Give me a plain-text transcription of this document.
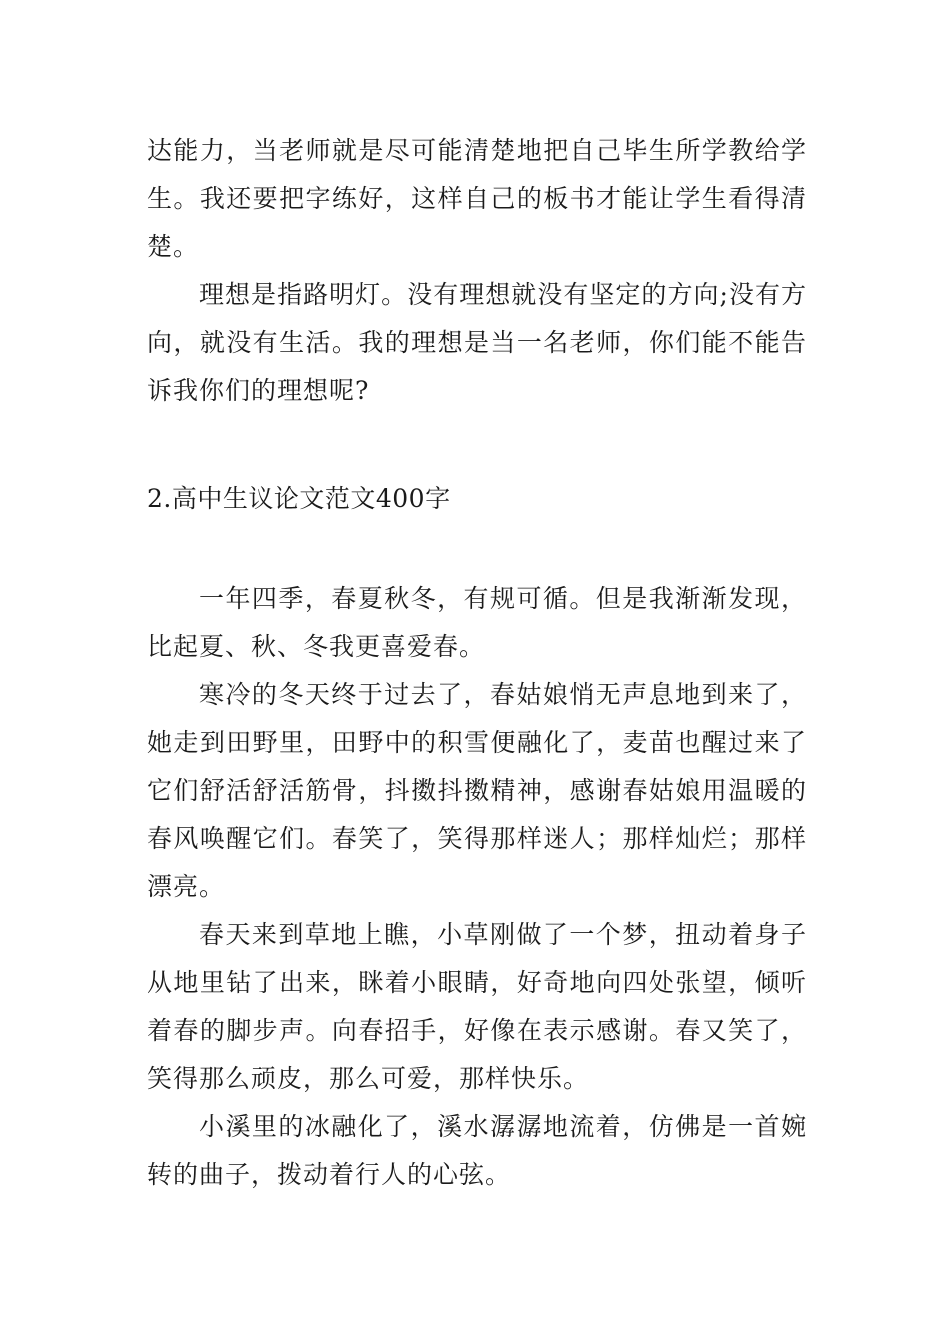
达能力，当老师就是尽可能清楚地把自己毕生所学教给学生。我还要把字练好，这样自己的板书才能让学生看得清楚。

理想是指路明灯。没有理想就没有坚定的方向;没有方向，就没有生活。我的理想是当一名老师，你们能不能告诉我你们的理想呢?

2.高中生议论文范文400字

一年四季，春夏秋冬，有规可循。但是我渐渐发现，比起夏、秋、冬我更喜爱春。

寒冷的冬天终于过去了，春姑娘悄无声息地到来了，她走到田野里，田野中的积雪便融化了，麦苗也醒过来了它们舒活舒活筋骨，抖擞抖擞精神，感谢春姑娘用温暖的春风唤醒它们。春笑了，笑得那样迷人；那样灿烂；那样漂亮。

春天来到草地上瞧，小草刚做了一个梦，扭动着身子从地里钻了出来，眯着小眼睛，好奇地向四处张望，倾听着春的脚步声。向春招手，好像在表示感谢。春又笑了，笑得那么顽皮，那么可爱，那样快乐。

小溪里的冰融化了，溪水潺潺地流着，仿佛是一首婉转的曲子，拨动着行人的心弦。
